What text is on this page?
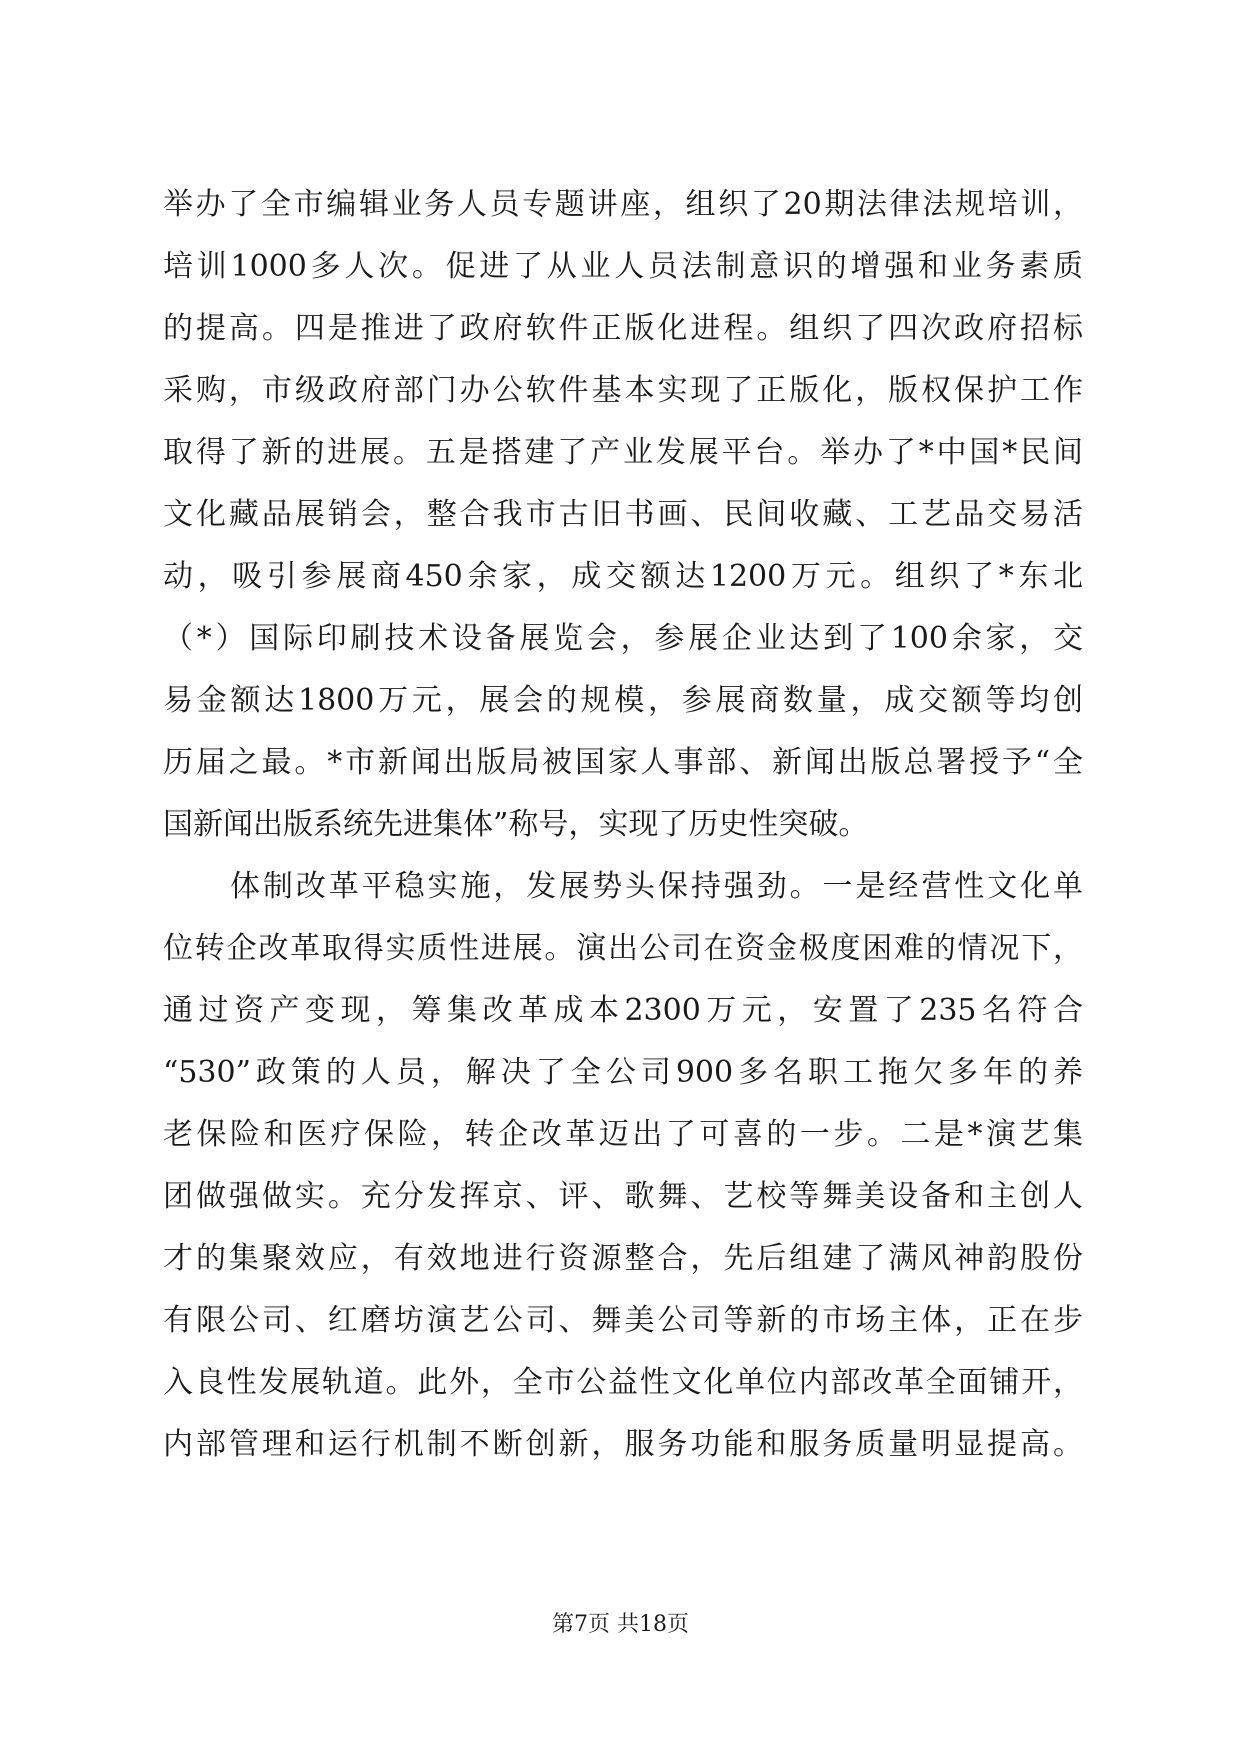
举办了全市编辑业务人员专题讲座，组织了20期法律法规培训，
培训1000多人次。促进了从业人员法制意识的增强和业务素质
的提高。四是推进了政府软件正版化进程。组织了四次政府招标
采购，市级政府部门办公软件基本实现了正版化，版权保护工作
取得了新的进展。五是搭建了产业发展平台。举办了*中国*民间
文化藏品展销会，整合我市古旧书画、民间收藏、工艺品交易活
动，吸引参展商450余家，成交额达1200万元。组织了*东北
（*）国际印刷技术设备展览会，参展企业达到了100余家，交
易金额达1800万元，展会的规模，参展商数量，成交额等均创
历届之最。*市新闻出版局被国家人事部、新闻出版总署授予“全
国新闻出版系统先进集体”称号，实现了历史性突破。
体制改革平稳实施，发展势头保持强劲。一是经营性文化单
位转企改革取得实质性进展。演出公司在资金极度困难的情况下，
通过资产变现，筹集改革成本2300万元，安置了235名符合
“530”政策的人员，解决了全公司900多名职工拖欠多年的养
老保险和医疗保险，转企改革迈出了可喜的一步。二是*演艺集
团做强做实。充分发挥京、评、歌舞、艺校等舞美设备和主创人
才的集聚效应，有效地进行资源整合，先后组建了满风神韵股份
有限公司、红磨坊演艺公司、舞美公司等新的市场主体，正在步
入良性发展轨道。此外，全市公益性文化单位内部改革全面铺开，
内部管理和运行机制不断创新，服务功能和服务质量明显提高。
第7页 共18页
